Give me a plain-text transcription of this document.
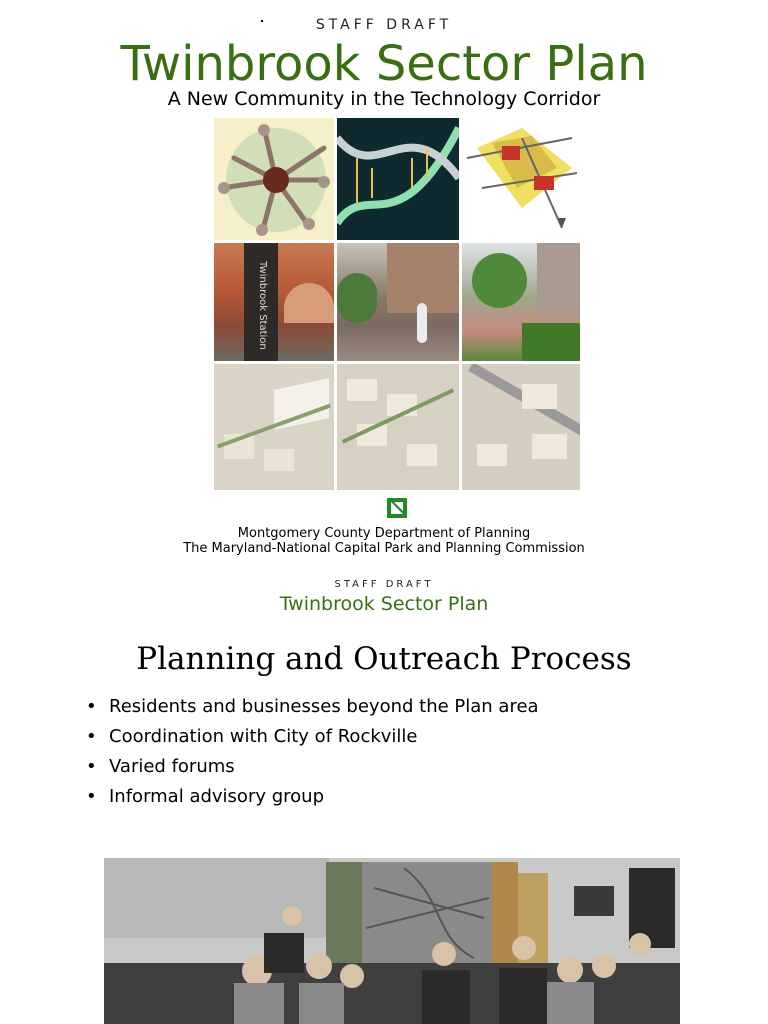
STAFF DRAFT
Twinbrook Sector Plan
A New Community in the Technology Corridor
Twinbrook Station
Montgomery County Department of Planning
The Maryland-National Capital Park and Planning Commission
STAFF DRAFT
Twinbrook Sector Plan
Planning and Outreach Process
• Residents and businesses beyond the Plan area
• Coordination with City of Rockville
• Varied forums
• Informal advisory group
